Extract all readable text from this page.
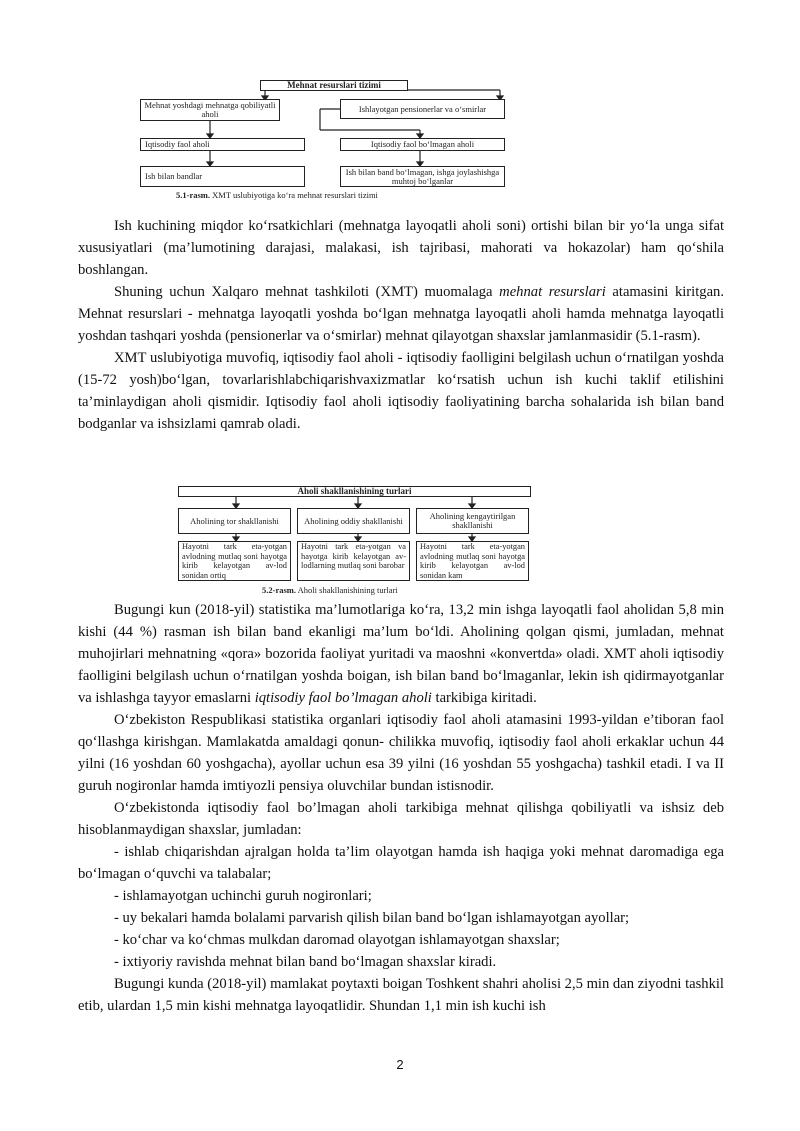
Mehnat resurslari tizimi
Mehnat yoshdagi mehnatga qobiliyatli aholi
Ishlayotgan pensionerlar va o‘smirlar
Iqtisodiy faol aholi	Iqtisodiy faol bo‘lmagan aholi
Ish bilan bandlar	Ish bilan band bo‘lmagan, ishga joylashishga muhtoj bo‘lganlar
5.1-rasm. XMT uslubiyotiga ko‘ra mehnat resurslari tizimi

Ish kuchining miqdor ko‘rsatkichlari (mehnatga layoqatli aholi soni) ortishi bilan bir yo‘la unga sifat xususiyatlari (ma’lumotining darajasi, malakasi, ish tajribasi, mahorati va hokazolar) ham qo‘shila boshlangan.

Shuning uchun Xalqaro mehnat tashkiloti (XMT) muomalaga mehnat resurslari atamasini kiritgan. Mehnat resurslari - mehnatga layoqatli yoshda bo‘lgan mehnatga layoqatli aholi hamda mehnatga layoqatli yoshdan tashqari yoshda (pensionerlar va o‘smirlar) mehnat qilayotgan shaxslar jamlanmasidir (5.1-rasm).

XMT uslubiyotiga muvofiq, iqtisodiy faol aholi - iqtisodiy faolligini belgilash uchun o‘rnatilgan yoshda (15-72 yosh)bo‘lgan, tovarlarishlabchiqarishvaxizmatlar ko‘rsatish uchun ish kuchi taklif etilishini ta’minlaydigan aholi qismidir. Iqtisodiy faol aholi iqtisodiy faoliyatining barcha sohalarida ish bilan band bodganlar va ishsizlami qamrab oladi.

Aholi shakllanishining turlari
Aholining tor shakllanishi	Aholining oddiy shakllanishi	Aholining kengaytirilgan shakllanishi
Hayotni tark eta-yotgan avlodning mutlaq soni hayotga kirib kelayotgan av-lod sonidan ortiq
Hayotni tark eta-yotgan va hayotga kirib kelayotgan av-lodlarning mutlaq soni barobar
Hayotni tark eta-yotgan avlodning mutlaq soni hayotga kirib kelayotgan av-lod sonidan kam
5.2-rasm. Aholi shakllanishining turlari

Bugungi kun (2018-yil) statistika ma’lumotlariga ko‘ra, 13,2 min ishga layoqatli faol aholidan 5,8 min kishi (44 %) rasman ish bilan band ekanligi ma’lum bo‘ldi. Aholining qolgan qismi, jumladan, mehnat muhojirlari mehnatning «qora» bozorida faoliyat yuritadi va maoshni «konvertda» oladi. XMT aholi iqtisodiy faolligini belgilash uchun o‘rnatilgan yoshda boigan, ish bilan band bo‘lmaganlar, lekin ish qidirmayotganlar va ishlashga tayyor emaslarni iqtisodiy faol bo’lmagan aholi tarkibiga kiritadi.

O‘zbekiston Respublikasi statistika organlari iqtisodiy faol aholi atamasini 1993-yildan e’tiboran faol qo‘llashga kirishgan. Mamlakatda amaldagi qonun- chilikka muvofiq, iqtisodiy faol aholi erkaklar uchun 44 yilni (16 yoshdan 60 yoshgacha), ayollar uchun esa 39 yilni (16 yoshdan 55 yoshgacha) tashkil etadi. I va II guruh nogironlar hamda imtiyozli pensiya oluvchilar bundan istisnodir.

O‘zbekistonda iqtisodiy faol bo’lmagan aholi tarkibiga mehnat qilishga qobiliyatli va ishsiz deb hisoblanmaydigan shaxslar, jumladan:

- ishlab chiqarishdan ajralgan holda ta’lim olayotgan hamda ish haqiga yoki mehnat daromadiga ega bo‘lmagan o‘quvchi va talabalar;

- ishlamayotgan uchinchi guruh nogironlari;

- uy bekalari hamda bolalami parvarish qilish bilan band bo‘lgan ishlamayotgan ayollar;

- ko‘char va ko‘chmas mulkdan daromad olayotgan ishlamayotgan shaxslar;

- ixtiyoriy ravishda mehnat bilan band bo‘lmagan shaxslar kiradi.

Bugungi kunda (2018-yil) mamlakat poytaxti boigan Toshkent shahri aholisi 2,5 min dan ziyodni tashkil etib, ulardan 1,5 min kishi mehnatga layoqatlidir. Shundan 1,1 min ish kuchi ish

2
